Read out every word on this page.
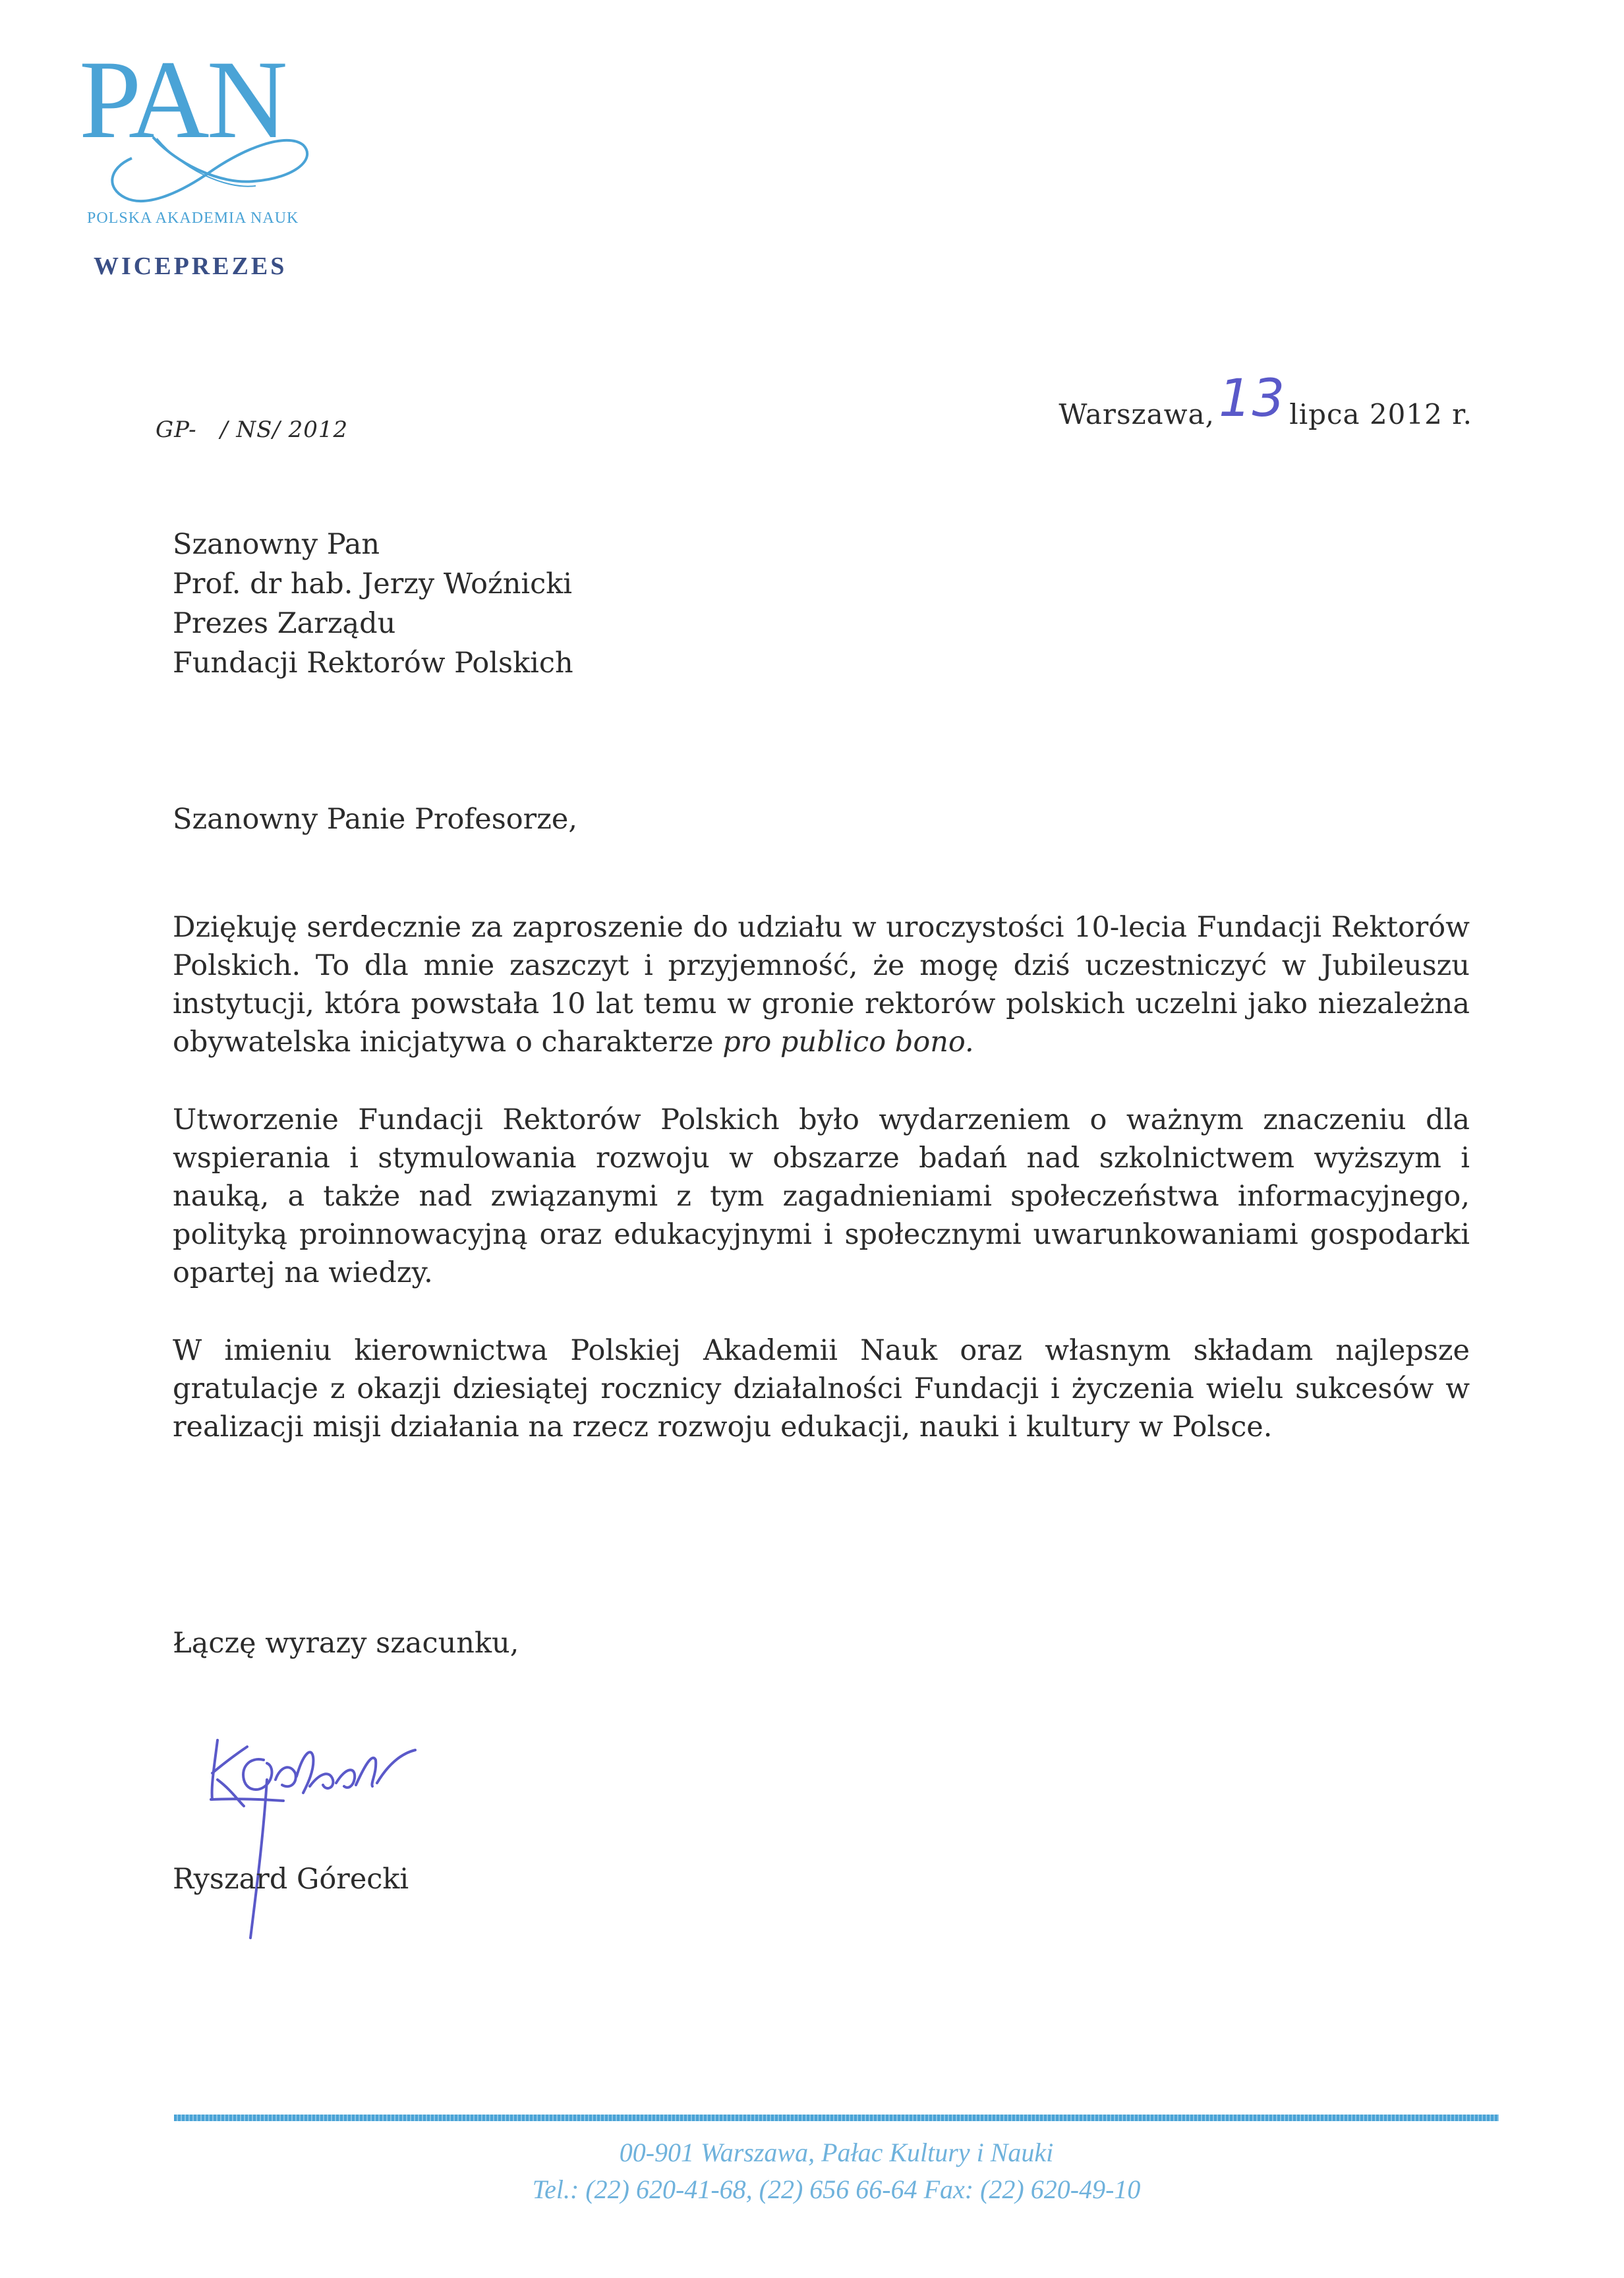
PAN
POLSKA AKADEMIA NAUK
WICEPREZES
Warszawa,13 lipca 2012 r.
GP-   / NS/ 2012
Szanowny Pan
Prof. dr hab. Jerzy Woźnicki
Prezes Zarządu
Fundacji Rektorów Polskich
Szanowny Panie Profesorze,

Dziękuję serdecznie za zaproszenie do udziału w uroczystości 10-lecia Fundacji Rektorów Polskich. To dla mnie zaszczyt i przyjemność, że mogę dziś uczestniczyć w Jubileuszu instytucji, która powstała 10 lat temu w gronie rektorów polskich uczelni jako niezależna obywatelska inicjatywa o charakterze pro publico bono.

Utworzenie Fundacji Rektorów Polskich było wydarzeniem o ważnym znaczeniu dla wspierania i stymulowania rozwoju w obszarze badań nad szkolnictwem wyższym i nauką, a także nad związanymi z tym zagadnieniami społeczeństwa informacyjnego, polityką proinnowacyjną oraz edukacyjnymi i społecznymi uwarunkowaniami gospodarki opartej na wiedzy.

W imieniu kierownictwa Polskiej Akademii Nauk oraz własnym składam najlepsze gratulacje z okazji dziesiątej rocznicy działalności Fundacji i życzenia wielu sukcesów w realizacji misji działania na rzecz rozwoju edukacji, nauki i kultury w Polsce.

Łączę wyrazy szacunku,
Ryszard Górecki
00-901 Warszawa, Pałac Kultury i Nauki
Tel.: (22) 620-41-68, (22) 656 66-64 Fax: (22) 620-49-10
